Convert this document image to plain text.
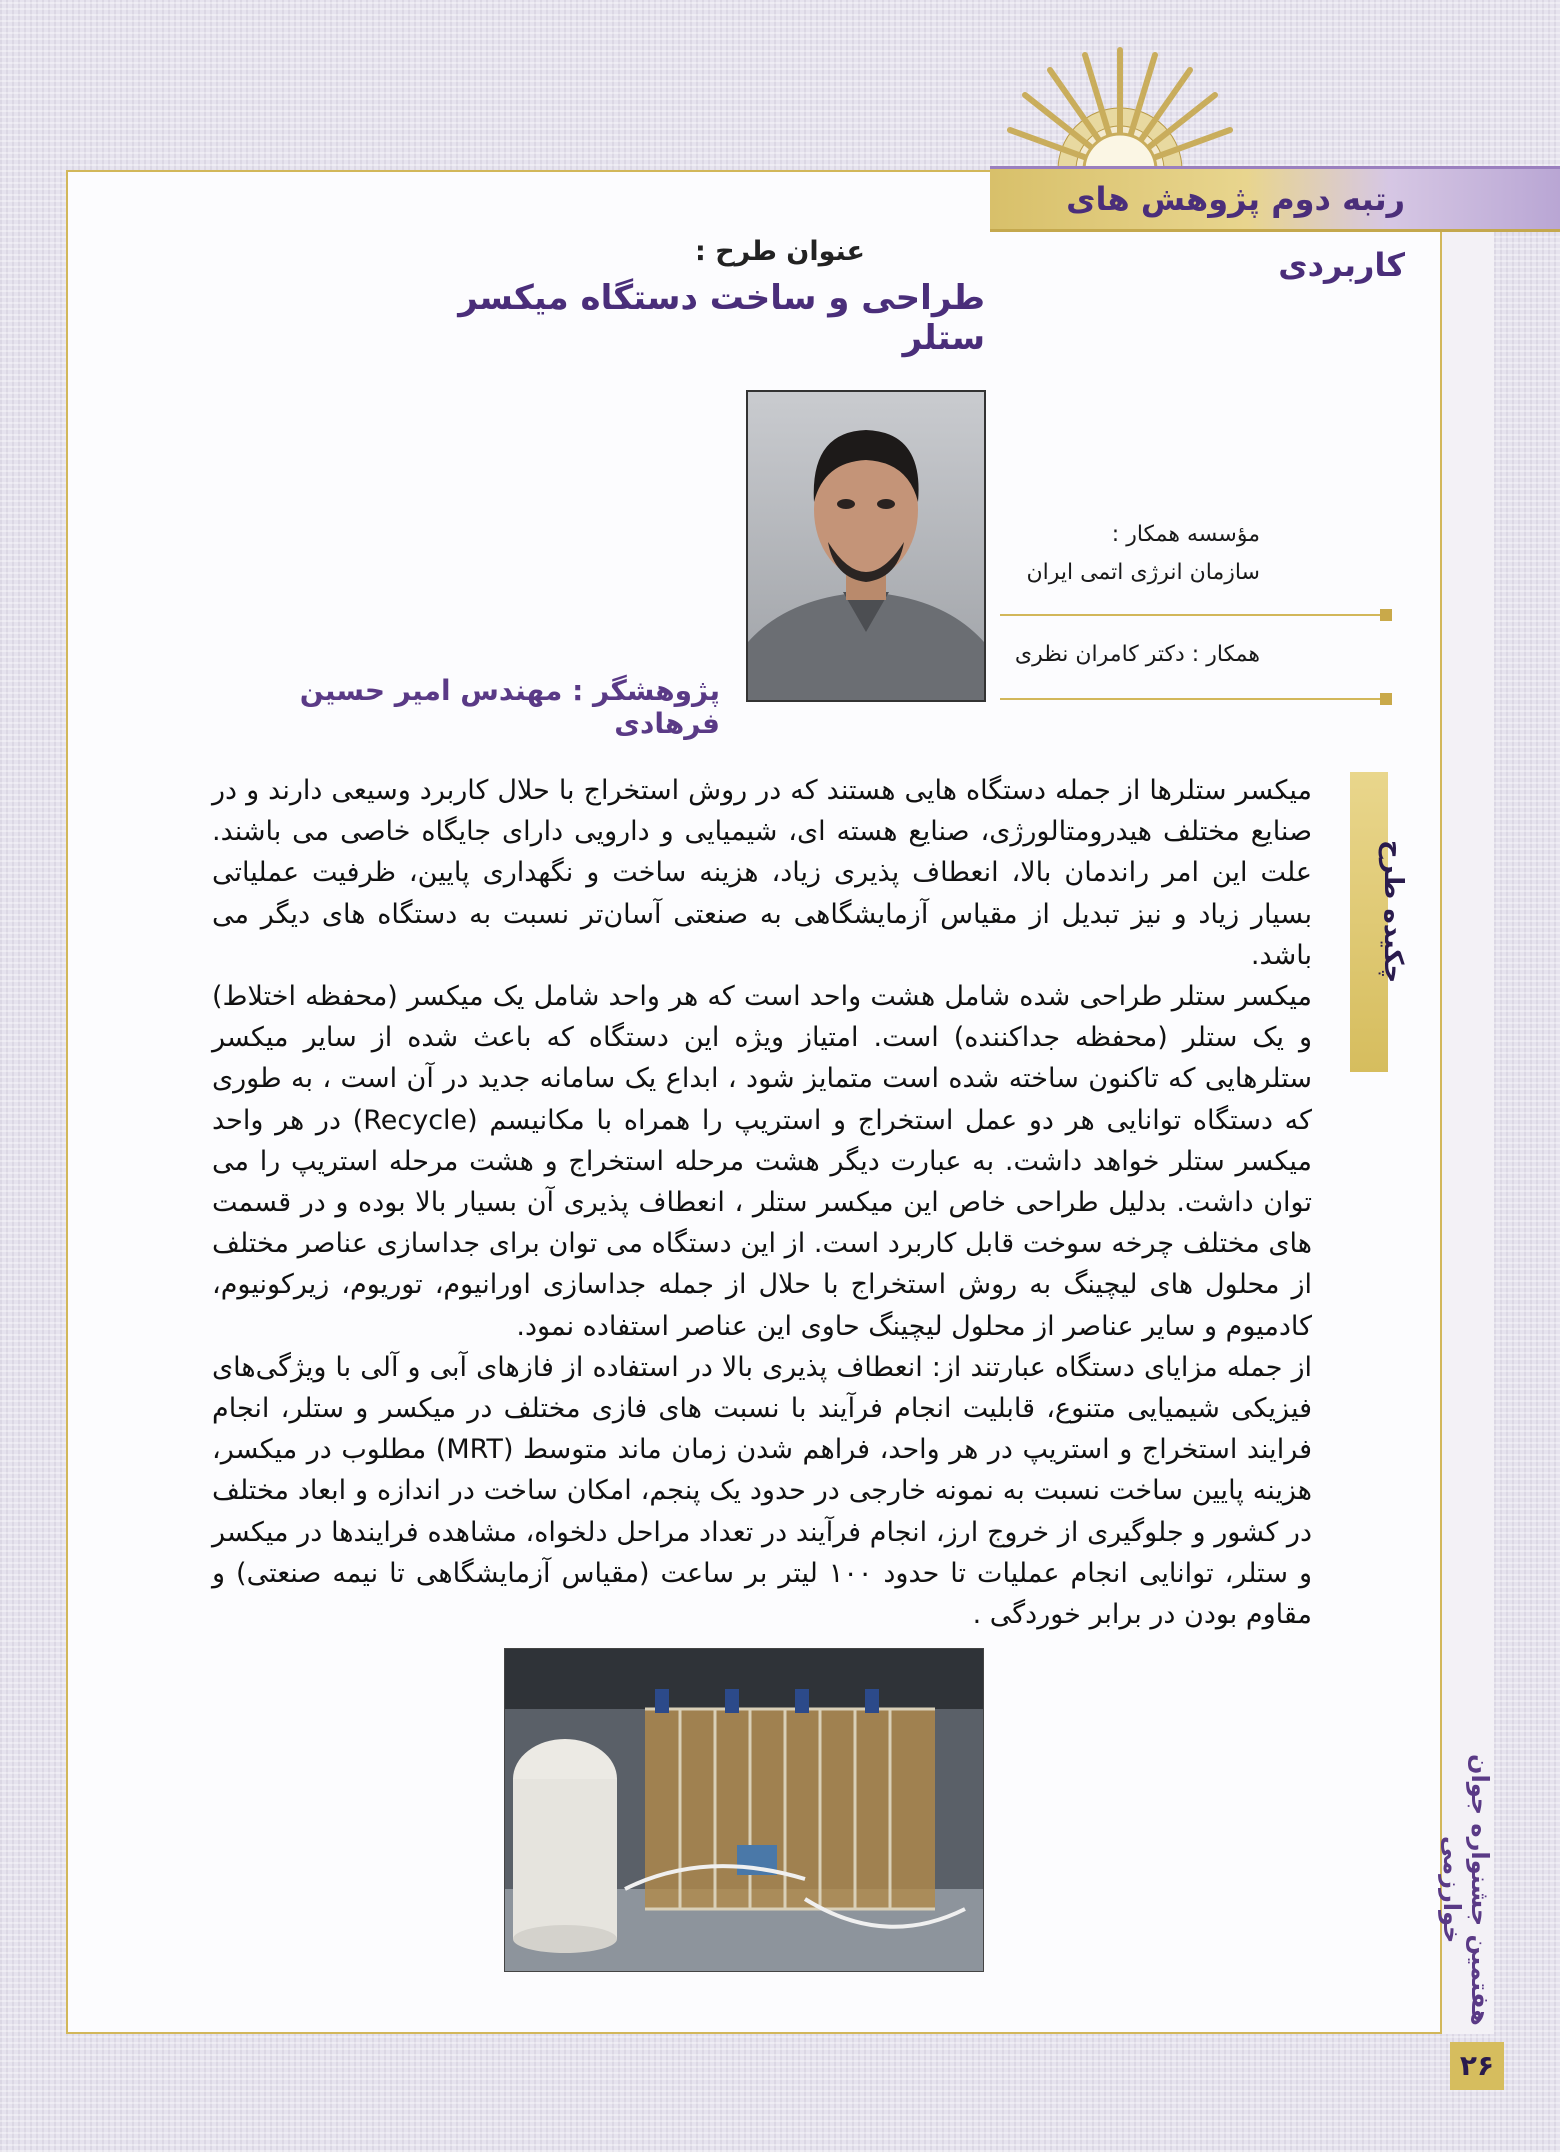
رتبه دوم پژوهش های کاربردی
عنوان طرح :
طراحی و ساخت دستگاه میکسر ستلر
مؤسسه همکار :
سازمان انرژی اتمی ایران
همکار : دکتر کامران نظری
پژوهشگر : مهندس امیر حسین فرهادی
چکیده طرح

میکسر ستلرها از جمله دستگاه هایی هستند که در روش استخراج با حلال کاربرد وسیعی دارند و در صنایع مختلف هیدرومتالورژی، صنایع هسته ای، شیمیایی و دارویی دارای جایگاه خاصی می باشند. علت این امر راندمان بالا، انعطاف پذیری زیاد، هزینه ساخت و نگهداری پایین، ظرفیت عملیاتی بسیار زیاد و نیز تبدیل از مقیاس آزمایشگاهی به صنعتی آسان‌تر نسبت به دستگاه های دیگر می باشد.

میکسر ستلر طراحی شده شامل هشت واحد است که هر واحد شامل یک میکسر (محفظه اختلاط) و یک ستلر (محفظه جداکننده) است. امتیاز ویژه این دستگاه که باعث شده از سایر میکسر ستلرهایی که تاکنون ساخته شده است متمایز شود ، ابداع یک سامانه جدید در آن است ، به طوری که دستگاه توانایی هر دو عمل استخراج و استریپ را همراه با مکانیسم (Recycle) در هر واحد میکسر ستلر خواهد داشت. به عبارت دیگر هشت مرحله استخراج و هشت مرحله استریپ را می توان داشت. بدلیل طراحی خاص این میکسر ستلر ، انعطاف پذیری آن بسیار بالا بوده و در قسمت های مختلف چرخه سوخت قابل کاربرد است. از این دستگاه می توان برای جداسازی عناصر مختلف از محلول های لیچینگ به روش استخراج با حلال از جمله جداسازی اورانیوم، توریوم، زیرکونیوم، کادمیوم و سایر عناصر از محلول لیچینگ حاوی این عناصر استفاده نمود.

از جمله مزایای دستگاه عبارتند از: انعطاف پذیری بالا در استفاده از فازهای آبی و آلی با ویژگی‌های فیزیکی شیمیایی متنوع، قابلیت انجام فرآیند با نسبت های فازی مختلف در میکسر و ستلر، انجام فرایند استخراج و استریپ در هر واحد، فراهم شدن زمان ماند متوسط (MRT) مطلوب در میکسر، هزینه پایین ساخت نسبت به نمونه خارجی در حدود یک پنجم، امکان ساخت در اندازه و ابعاد مختلف در کشور و جلوگیری از خروج ارز، انجام فرآیند در تعداد مراحل دلخواه، مشاهده فرایندها در میکسر و ستلر، توانایی انجام عملیات تا حدود ۱۰۰ لیتر بر ساعت (مقیاس آزمایشگاهی تا نیمه صنعتی) و مقاوم بودن در برابر خوردگی .

هفتمین جشنواره جوان خوارزمی
۲۶
